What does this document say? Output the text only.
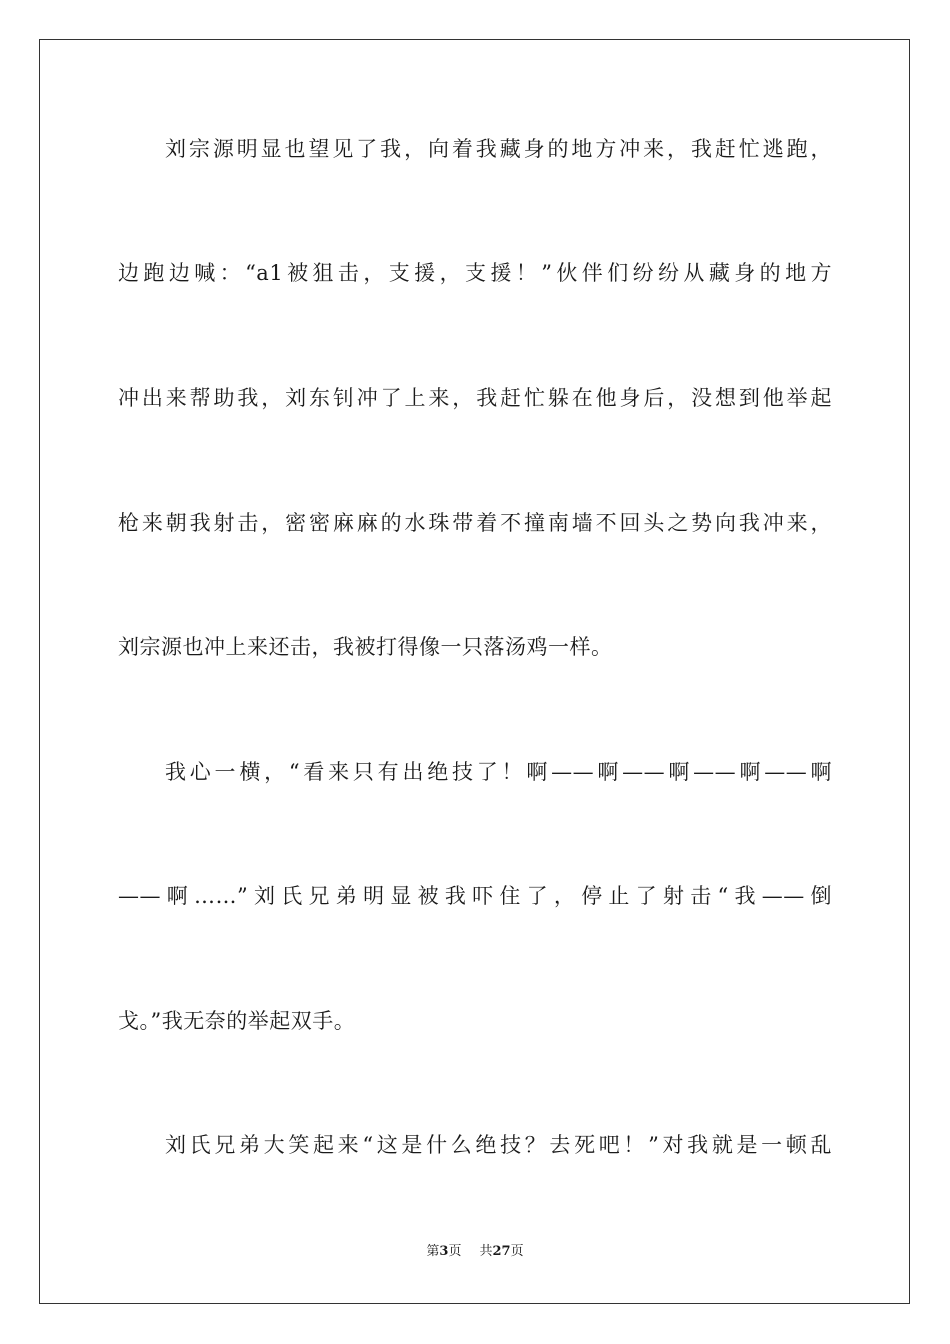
刘宗源明显也望见了我，向着我藏身的地方冲来，我赶忙逃跑，
边跑边喊：“a1被狙击，支援，支援！”伙伴们纷纷从藏身的地方
冲出来帮助我，刘东钊冲了上来，我赶忙躲在他身后，没想到他举起
枪来朝我射击，密密麻麻的水珠带着不撞南墙不回头之势向我冲来，
刘宗源也冲上来还击，我被打得像一只落汤鸡一样。
我心一横，“看来只有出绝技了！啊——啊——啊——啊——啊
——啊……”刘氏兄弟明显被我吓住了，停止了射击“我——倒
戈。”我无奈的举起双手。
刘氏兄弟大笑起来“这是什么绝技？去死吧！”对我就是一顿乱
第3页 共27页
